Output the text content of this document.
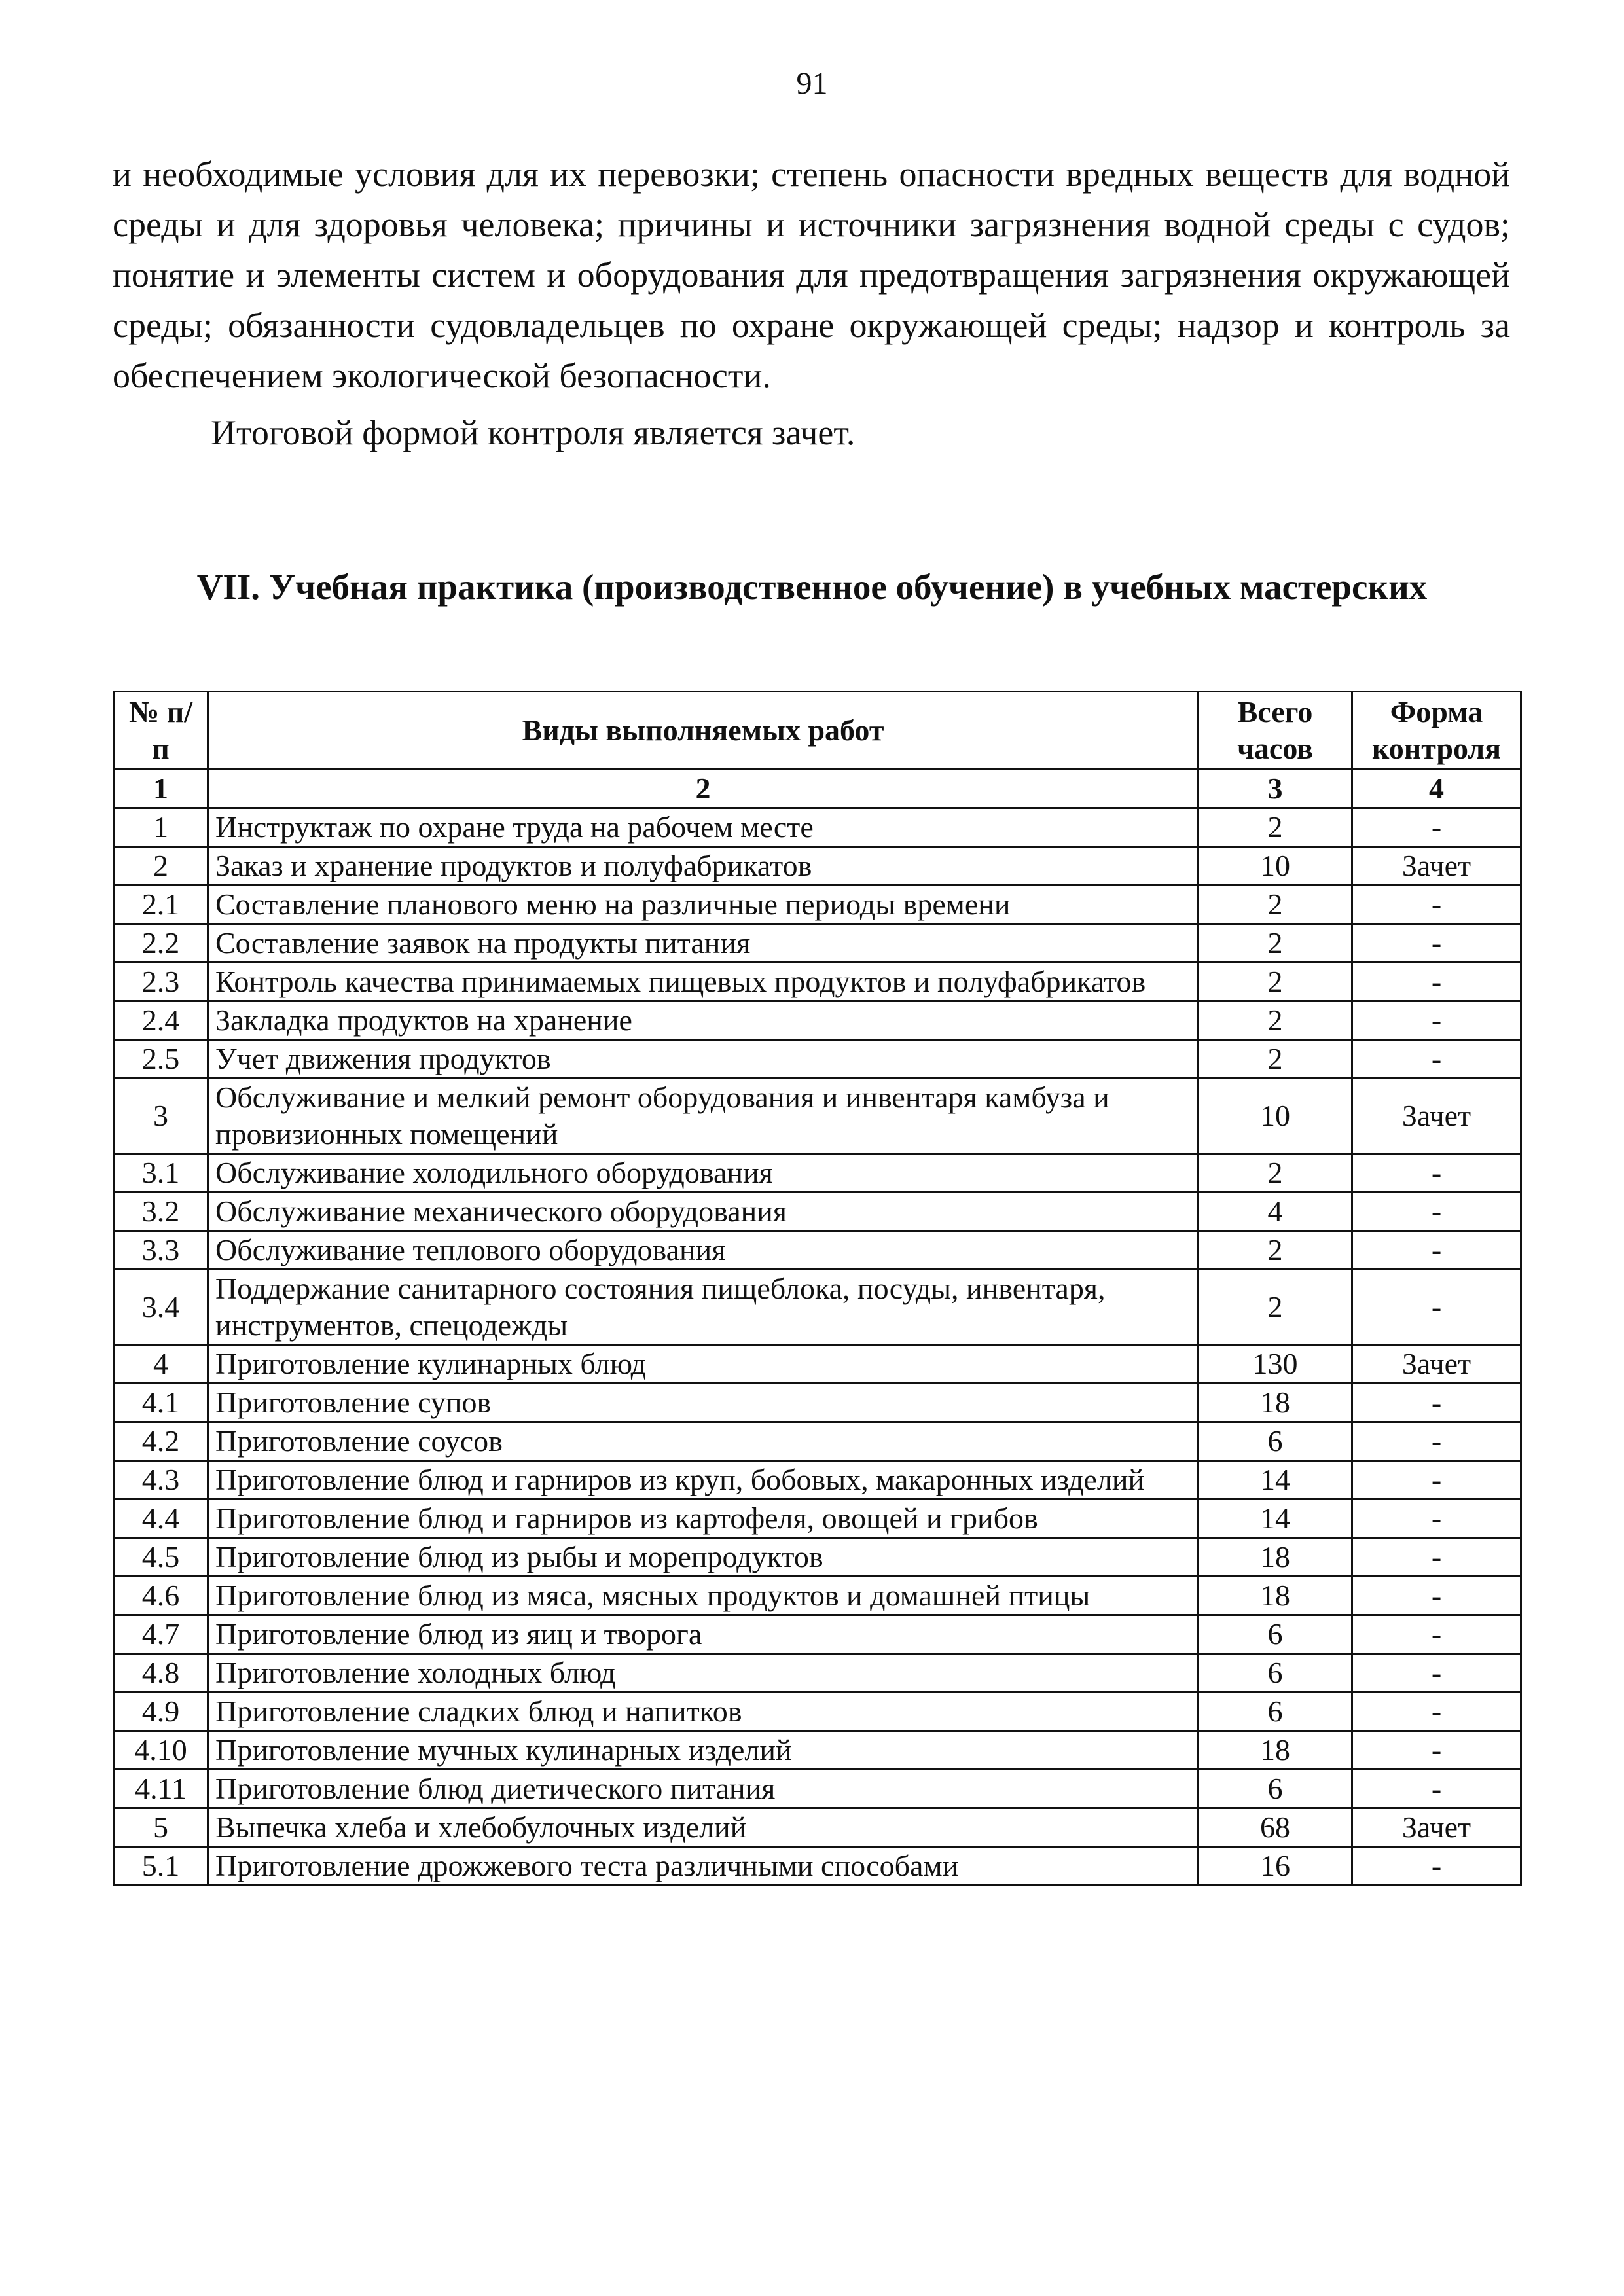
91

и необходимые условия для их перевозки; степень опасности вредных веществ для водной среды и для здоровья человека; причины и источники загрязнения водной среды с судов; понятие и элементы систем и оборудования для предотвращения загрязнения окружающей среды; обязанности судовладельцев по охране окружающей среды; надзор и контроль за обеспечением экологической безопасности.

Итоговой формой контроля является зачет.

VII. Учебная практика (производственное обучение) в учебных мастерских
№ п/п	Виды выполняемых работ	Всего часов	Форма контроля
1	2	3	4
1	Инструктаж по охране труда на рабочем месте	2	-
2	Заказ и хранение продуктов и полуфабрикатов	10	Зачет
2.1	Составление планового меню на различные периоды времени	2	-
2.2	Составление заявок на продукты питания	2	-
2.3	Контроль качества принимаемых пищевых продуктов и полуфабрикатов	2	-
2.4	Закладка продуктов на хранение	2	-
2.5	Учет движения продуктов	2	-
3	Обслуживание и мелкий ремонт оборудования и инвентаря камбуза и провизионных помещений	10	Зачет
3.1	Обслуживание холодильного оборудования	2	-
3.2	Обслуживание механического оборудования	4	-
3.3	Обслуживание теплового оборудования	2	-
3.4	Поддержание санитарного состояния пищеблока, посуды, инвентаря, инструментов, спецодежды	2	-
4	Приготовление кулинарных блюд	130	Зачет
4.1	Приготовление супов	18	-
4.2	Приготовление соусов	6	-
4.3	Приготовление блюд и гарниров из круп, бобовых, макаронных изделий	14	-
4.4	Приготовление блюд и гарниров из картофеля, овощей и грибов	14	-
4.5	Приготовление блюд из рыбы и морепродуктов	18	-
4.6	Приготовление блюд из мяса, мясных продуктов и домашней птицы	18	-
4.7	Приготовление блюд из яиц и творога	6	-
4.8	Приготовление холодных блюд	6	-
4.9	Приготовление сладких блюд и напитков	6	-
4.10	Приготовление мучных кулинарных изделий	18	-
4.11	Приготовление блюд диетического питания	6	-
5	Выпечка хлеба и хлебобулочных изделий	68	Зачет
5.1	Приготовление дрожжевого теста различными способами	16	-
